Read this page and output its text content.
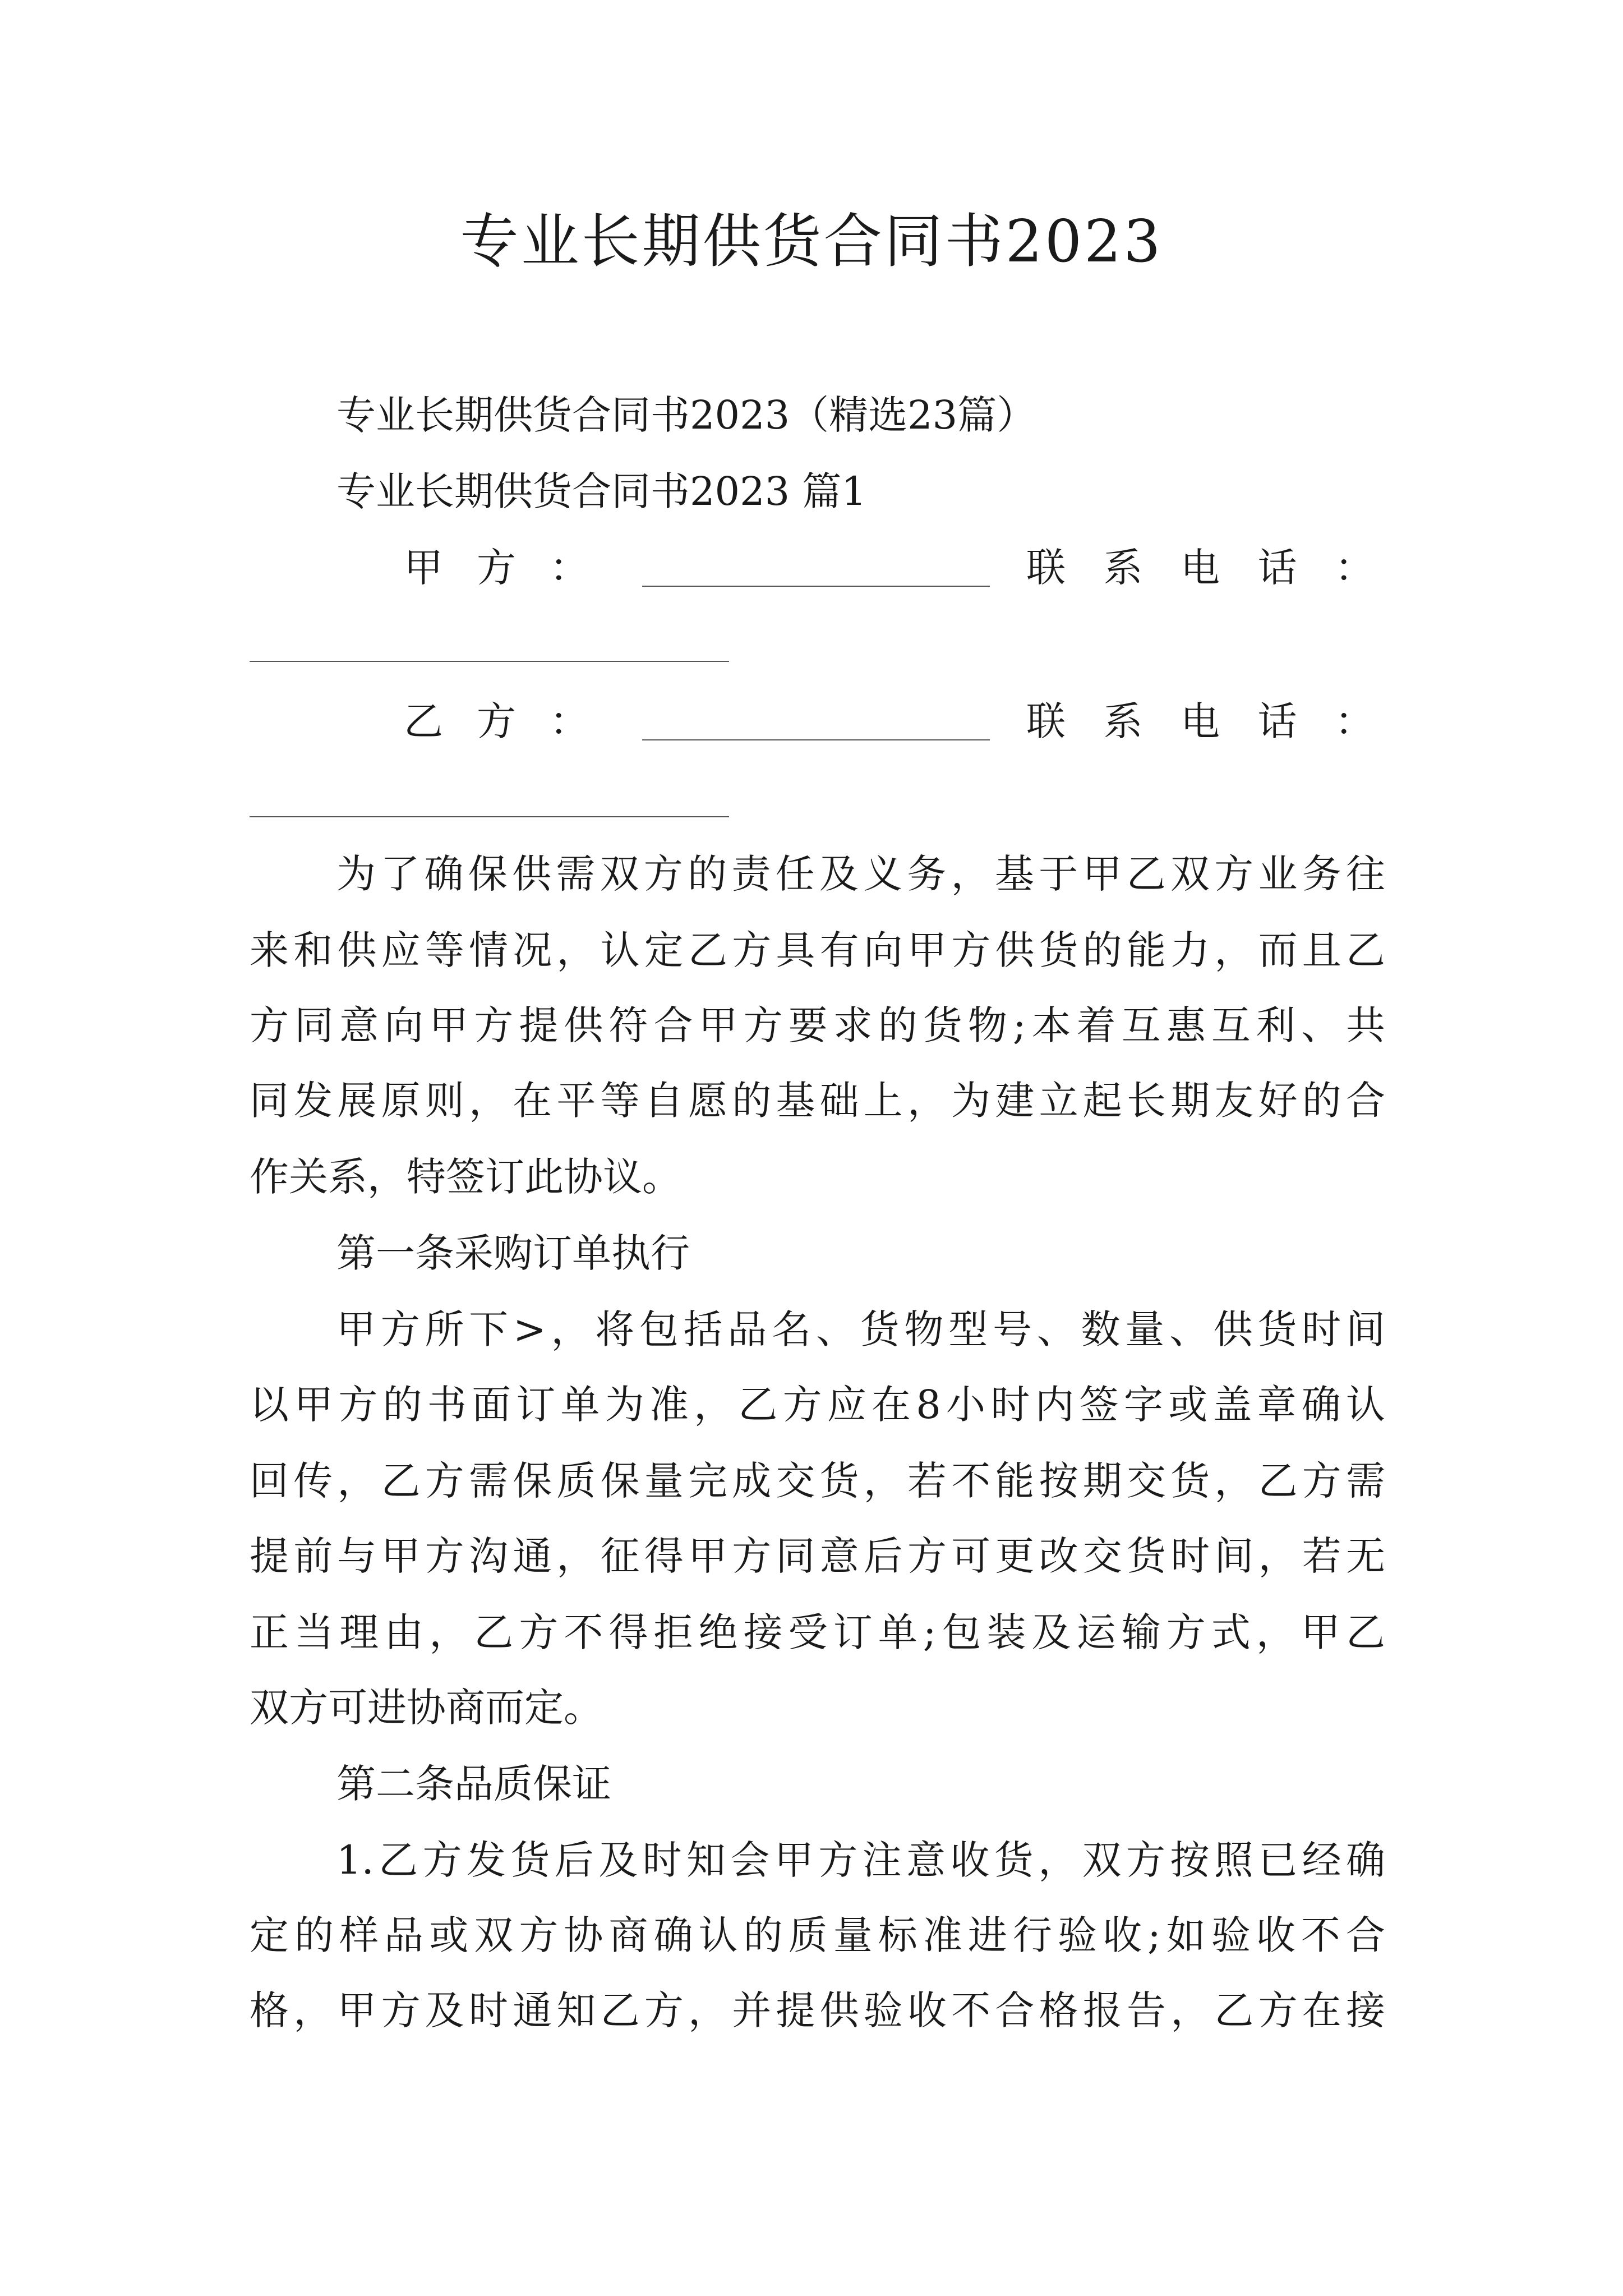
专业长期供货合同书2023

专业长期供货合同书2023（精选23篇）

专业长期供货合同书2023 篇1

甲 方 ：	联 系 电 话 ：
乙 方 ：	联 系 电 话 ：

为了确保供需双方的责任及义务，基于甲乙双方业务往

来和供应等情况，认定乙方具有向甲方供货的能力，而且乙

方同意向甲方提供符合甲方要求的货物;本着互惠互利、共

同发展原则，在平等自愿的基础上，为建立起长期友好的合

作关系，特签订此协议。

第一条采购订单执行

甲方所下>，将包括品名、货物型号、数量、供货时间

以甲方的书面订单为准，乙方应在8小时内签字或盖章确认

回传，乙方需保质保量完成交货，若不能按期交货，乙方需

提前与甲方沟通，征得甲方同意后方可更改交货时间，若无

正当理由，乙方不得拒绝接受订单;包装及运输方式，甲乙

双方可进协商而定。

第二条品质保证

1.乙方发货后及时知会甲方注意收货，双方按照已经确

定的样品或双方协商确认的质量标准进行验收;如验收不合

格，甲方及时通知乙方，并提供验收不合格报告，乙方在接
